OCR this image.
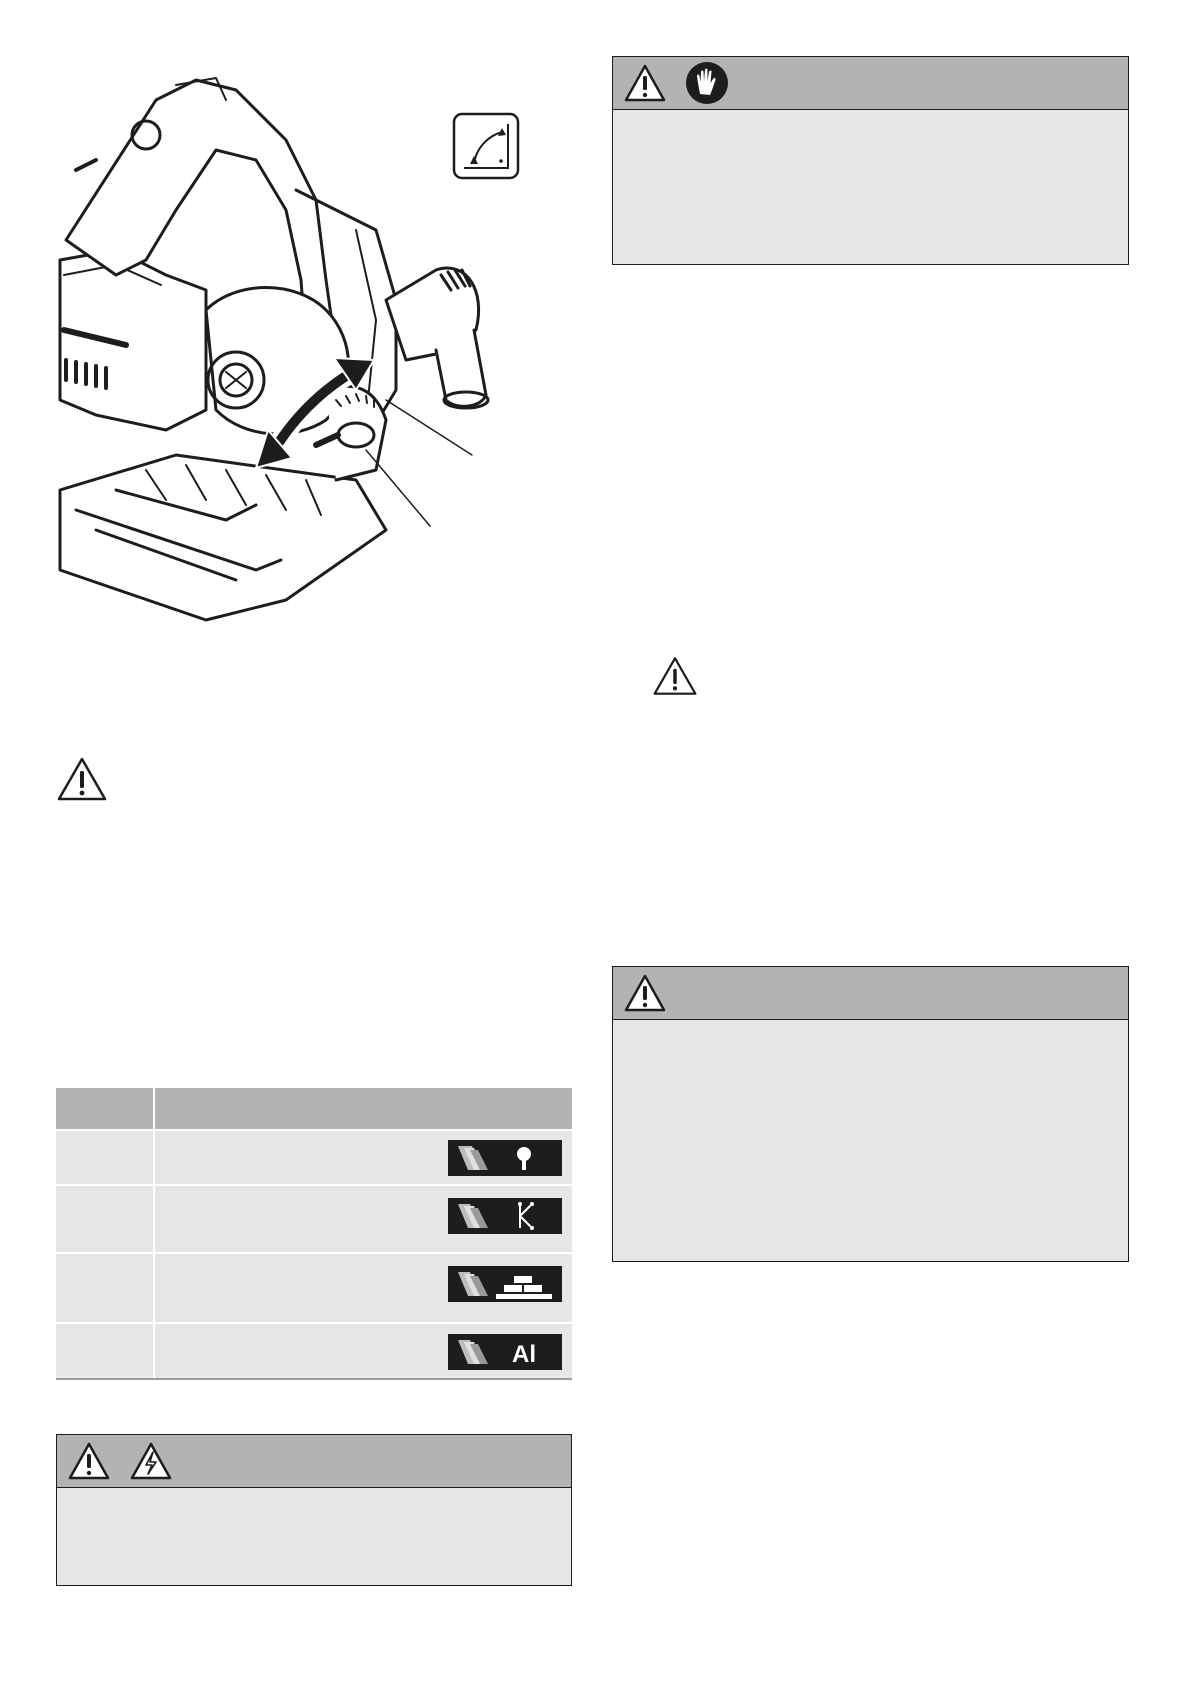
Al
